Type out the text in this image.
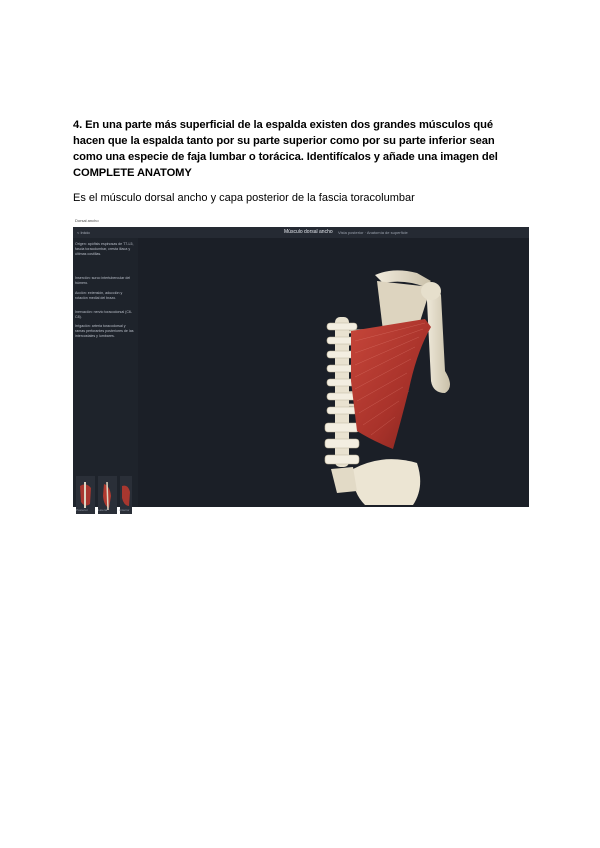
4. En una parte más superficial de la espalda existen dos grandes músculos qué
hacen que la espalda tanto por su parte superior como por su parte inferior sean
como una especie de faja lumbar o torácica. Identifícalos y añade una imagen del
COMPLETE ANATOMY
Es el músculo dorsal ancho y capa posterior de la fascia toracolumbar
Dorsal ancho
< Inicio	Músculo dorsal ancho Vista posterior · Anatomía de superficie
Origen: apófisis espinosas de T7-L5, fascia toracolumbar, cresta ilíaca y últimas costillas.
Inserción: surco intertubercular del húmero.
Acción: extensión, aducción y rotación medial del brazo.
Inervación: nervio toracodorsal (C6-C8).
Irrigación: arteria toracodorsal y ramas perforantes posteriores de las intercostales y lumbares.
Posterior	Lateral	Anterior
